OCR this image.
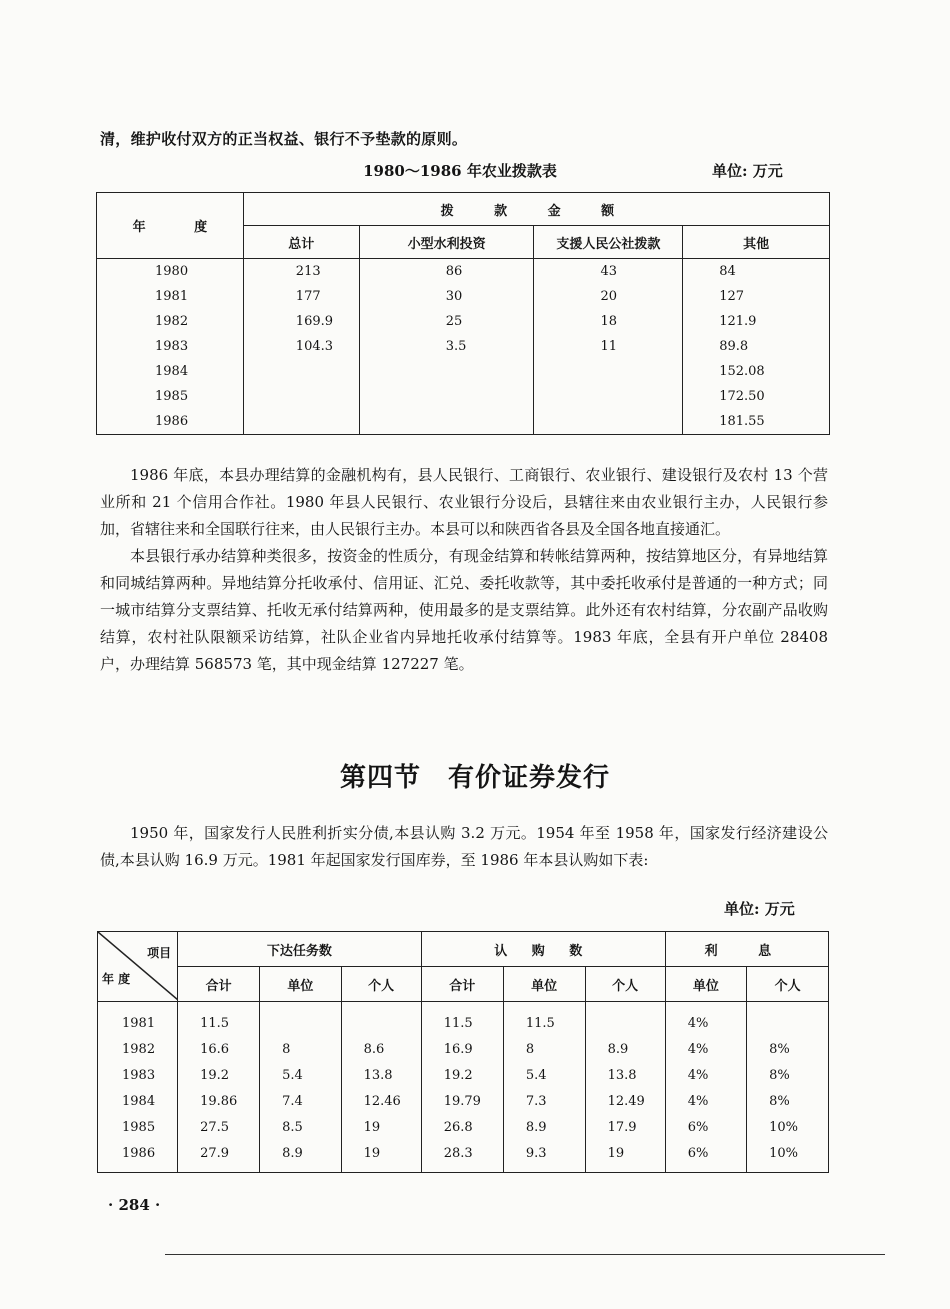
清，维护收付双方的正当权益、银行不予垫款的原则。
1980～1986 年农业拨款表	单位: 万元
年 度	拨 款 金 额			
	总计	小型水利投资	支援人民公社拨款	其他
1980	213	86	43	84
1981	177	30	20	127
1982	169.9	25	18	121.9
1983	104.3	3.5	11	89.8
1984				152.08
1985				172.50
1986				181.55

1986 年底，本县办理结算的金融机构有，县人民银行、工商银行、农业银行、建设银行及农村 13 个营业所和 21 个信用合作社。1980 年县人民银行、农业银行分设后，县辖往来由农业银行主办，人民银行参加，省辖往来和全国联行往来，由人民银行主办。本县可以和陕西省各县及全国各地直接通汇。

本县银行承办结算种类很多，按资金的性质分，有现金结算和转帐结算两种，按结算地区分，有异地结算和同城结算两种。异地结算分托收承付、信用证、汇兑、委托收款等，其中委托收承付是普通的一种方式；同一城市结算分支票结算、托收无承付结算两种，使用最多的是支票结算。此外还有农村结算，分农副产品收购结算，农村社队限额采访结算，社队企业省内异地托收承付结算等。1983 年底，全县有开户单位 28408 户，办理结算 568573 笔，其中现金结算 127227 笔。

第四节　有价证券发行

1950 年，国家发行人民胜利折实分债,本县认购 3.2 万元。1954 年至 1958 年，国家发行经济建设公债,本县认购 16.9 万元。1981 年起国家发行国库券，至 1986 年本县认购如下表:

单位: 万元
项目
年 度	下达任务数			认 购 数			利 息	
	合计	单位	个人	合计	单位	个人	单位	个人
1981	11.5			11.5	11.5		4%	
1982	16.6	8	8.6	16.9	8	8.9	4%	8%
1983	19.2	5.4	13.8	19.2	5.4	13.8	4%	8%
1984	19.86	7.4	12.46	19.79	7.3	12.49	4%	8%
1985	27.5	8.5	19	26.8	8.9	17.9	6%	10%
1986	27.9	8.9	19	28.3	9.3	19	6%	10%
· 284 ·
